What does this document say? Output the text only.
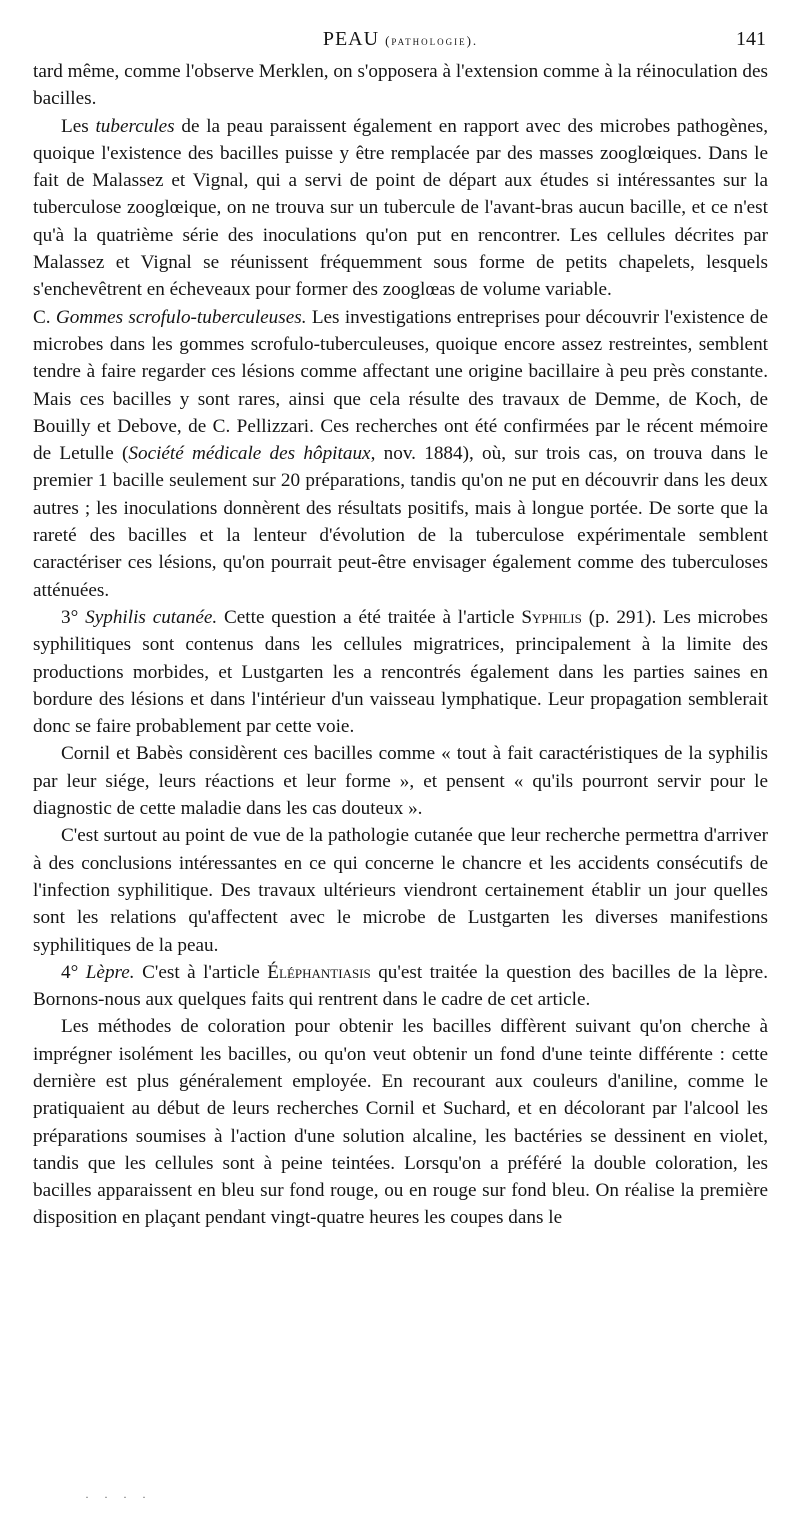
PEAU (pathologie).	141

tard même, comme l'observe Merklen, on s'opposera à l'extension comme à la réinoculation des bacilles.

Les tubercules de la peau paraissent également en rapport avec des microbes pathogènes, quoique l'existence des bacilles puisse y être remplacée par des masses zooglœiques. Dans le fait de Malassez et Vignal, qui a servi de point de départ aux études si intéressantes sur la tuberculose zooglœique, on ne trouva sur un tubercule de l'avant-bras aucun bacille, et ce n'est qu'à la quatrième série des inoculations qu'on put en rencontrer. Les cellules décrites par Malassez et Vignal se réunissent fréquemment sous forme de petits chapelets, lesquels s'enchevêtrent en écheveaux pour former des zooglœas de volume variable.

C. Gommes scrofulo-tuberculeuses. Les investigations entreprises pour découvrir l'existence de microbes dans les gommes scrofulo-tuberculeuses, quoique encore assez restreintes, semblent tendre à faire regarder ces lésions comme affectant une origine bacillaire à peu près constante. Mais ces bacilles y sont rares, ainsi que cela résulte des travaux de Demme, de Koch, de Bouilly et Debove, de C. Pellizzari. Ces recherches ont été confirmées par le récent mémoire de Letulle (Société médicale des hôpitaux, nov. 1884), où, sur trois cas, on trouva dans le premier 1 bacille seulement sur 20 préparations, tandis qu'on ne put en découvrir dans les deux autres ; les inoculations donnèrent des résultats positifs, mais à longue portée. De sorte que la rareté des bacilles et la lenteur d'évolution de la tuberculose expérimentale semblent caractériser ces lésions, qu'on pourrait peut-être envisager également comme des tuberculoses atténuées.

3° Syphilis cutanée. Cette question a été traitée à l'article Syphilis (p. 291). Les microbes syphilitiques sont contenus dans les cellules migratrices, principalement à la limite des productions morbides, et Lustgarten les a rencontrés également dans les parties saines en bordure des lésions et dans l'intérieur d'un vaisseau lymphatique. Leur propagation semblerait donc se faire probablement par cette voie.

Cornil et Babès considèrent ces bacilles comme « tout à fait caractéristiques de la syphilis par leur siége, leurs réactions et leur forme », et pensent « qu'ils pourront servir pour le diagnostic de cette maladie dans les cas douteux ».

C'est surtout au point de vue de la pathologie cutanée que leur recherche permettra d'arriver à des conclusions intéressantes en ce qui concerne le chancre et les accidents consécutifs de l'infection syphilitique. Des travaux ultérieurs viendront certainement établir un jour quelles sont les relations qu'affectent avec le microbe de Lustgarten les diverses manifestions syphilitiques de la peau.

4° Lèpre. C'est à l'article Éléphantiasis qu'est traitée la question des bacilles de la lèpre. Bornons-nous aux quelques faits qui rentrent dans le cadre de cet article.

Les méthodes de coloration pour obtenir les bacilles diffèrent suivant qu'on cherche à imprégner isolément les bacilles, ou qu'on veut obtenir un fond d'une teinte différente : cette dernière est plus généralement employée. En recourant aux couleurs d'aniline, comme le pratiquaient au début de leurs recherches Cornil et Suchard, et en décolorant par l'alcool les préparations soumises à l'action d'une solution alcaline, les bactéries se dessinent en violet, tandis que les cellules sont à peine teintées. Lorsqu'on a préféré la double coloration, les bacilles apparaissent en bleu sur fond rouge, ou en rouge sur fond bleu. On réalise la première disposition en plaçant pendant vingt-quatre heures les coupes dans le

· · · ·
